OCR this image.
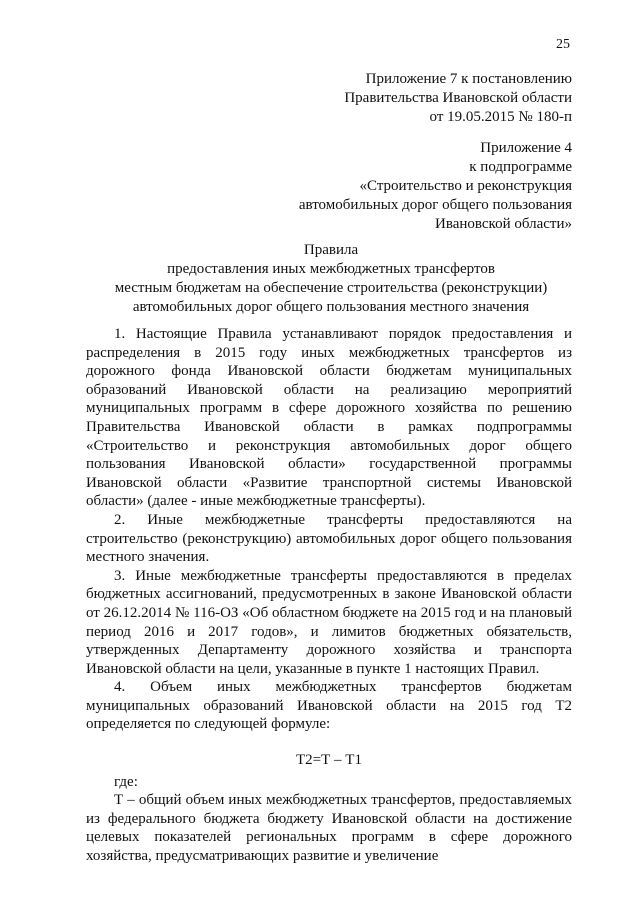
25
Приложение 7 к постановлению
Правительства Ивановской области
от 19.05.2015 № 180-п
Приложение 4
к подпрограмме
«Строительство и реконструкция
автомобильных дорог общего пользования
Ивановской области»
Правила
предоставления иных межбюджетных трансфертов
местным бюджетам на обеспечение строительства (реконструкции)
автомобильных дорог общего пользования местного значения

1. Настоящие Правила устанавливают порядок предоставления и распределения в 2015 году иных межбюджетных трансфертов из дорожного фонда Ивановской области бюджетам муниципальных образований Ивановской области на реализацию мероприятий муниципальных программ в сфере дорожного хозяйства по решению Правительства Ивановской области в рамках подпрограммы «Строительство и реконструкция автомобильных дорог общего пользования Ивановской области» государственной программы Ивановской области «Развитие транспортной системы Ивановской области» (далее - иные межбюджетные трансферты).

2. Иные межбюджетные трансферты предоставляются на строительство (реконструкцию) автомобильных дорог общего пользования местного значения.

3. Иные межбюджетные трансферты предоставляются в пределах бюджетных ассигнований, предусмотренных в законе Ивановской области от 26.12.2014 № 116-ОЗ «Об областном бюджете на 2015 год и на плановый период 2016 и 2017 годов», и лимитов бюджетных обязательств, утвержденных Департаменту дорожного хозяйства и транспорта Ивановской области на цели, указанные в пункте 1 настоящих Правил.

4. Объем иных межбюджетных трансфертов бюджетам муниципальных образований Ивановской области на 2015 год Т2 определяется по следующей формуле:

Т2=Т – Т1

где:

Т – общий объем иных межбюджетных трансфертов, предоставляемых из федерального бюджета бюджету Ивановской области на достижение целевых показателей региональных программ в сфере дорожного хозяйства, предусматривающих развитие и увеличение
